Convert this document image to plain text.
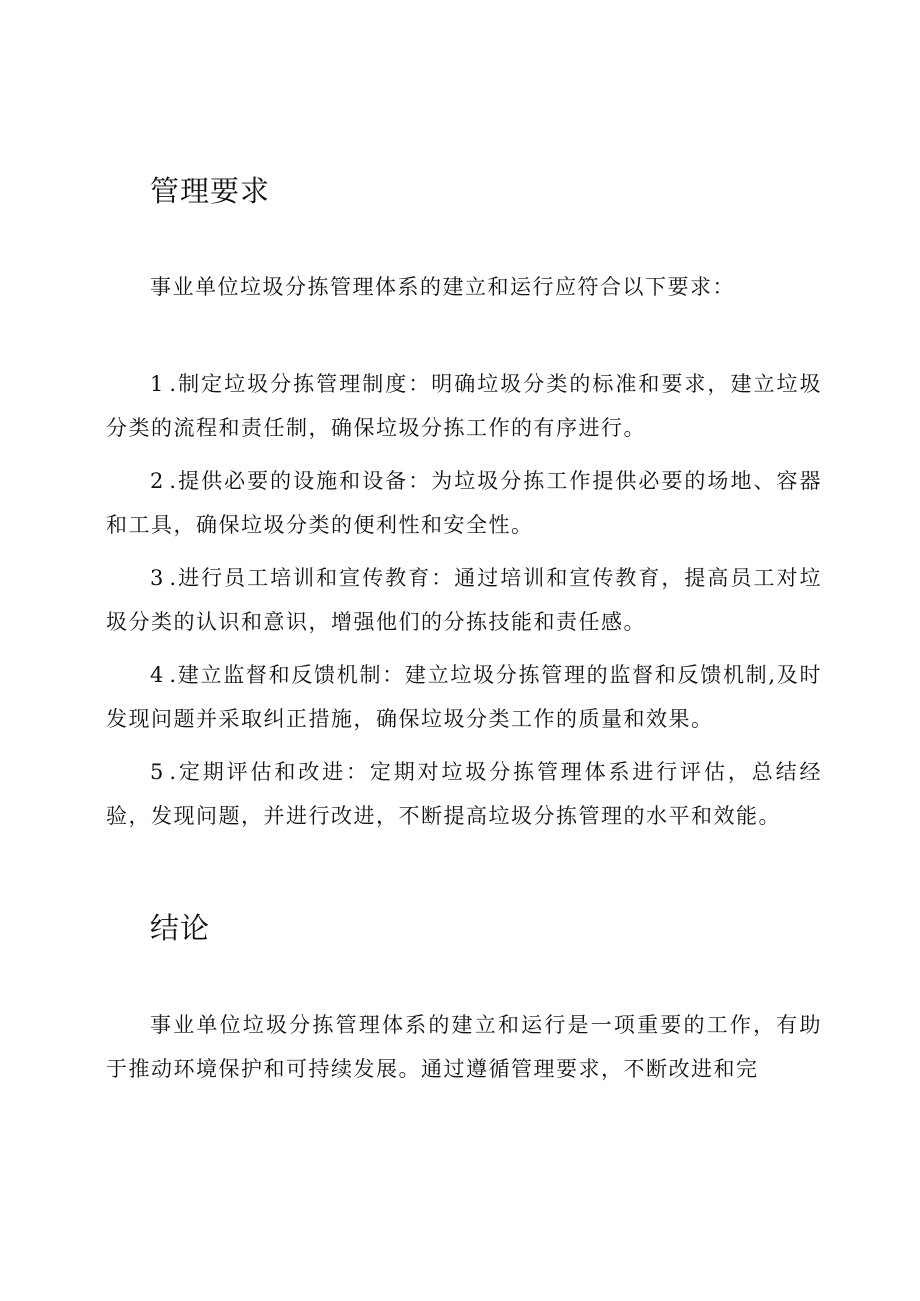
管理要求

事业单位垃圾分拣管理体系的建立和运行应符合以下要求：

1.制定垃圾分拣管理制度：明确垃圾分类的标准和要求，建立垃圾分类的流程和责任制，确保垃圾分拣工作的有序进行。

2.提供必要的设施和设备：为垃圾分拣工作提供必要的场地、容器和工具，确保垃圾分类的便利性和安全性。

3.进行员工培训和宣传教育：通过培训和宣传教育，提高员工对垃圾分类的认识和意识，增强他们的分拣技能和责任感。

4.建立监督和反馈机制：建立垃圾分拣管理的监督和反馈机制,及时发现问题并采取纠正措施，确保垃圾分类工作的质量和效果。

5.定期评估和改进：定期对垃圾分拣管理体系进行评估，总结经验，发现问题，并进行改进，不断提高垃圾分拣管理的水平和效能。

结论

事业单位垃圾分拣管理体系的建立和运行是一项重要的工作，有助于推动环境保护和可持续发展。通过遵循管理要求，不断改进和完
